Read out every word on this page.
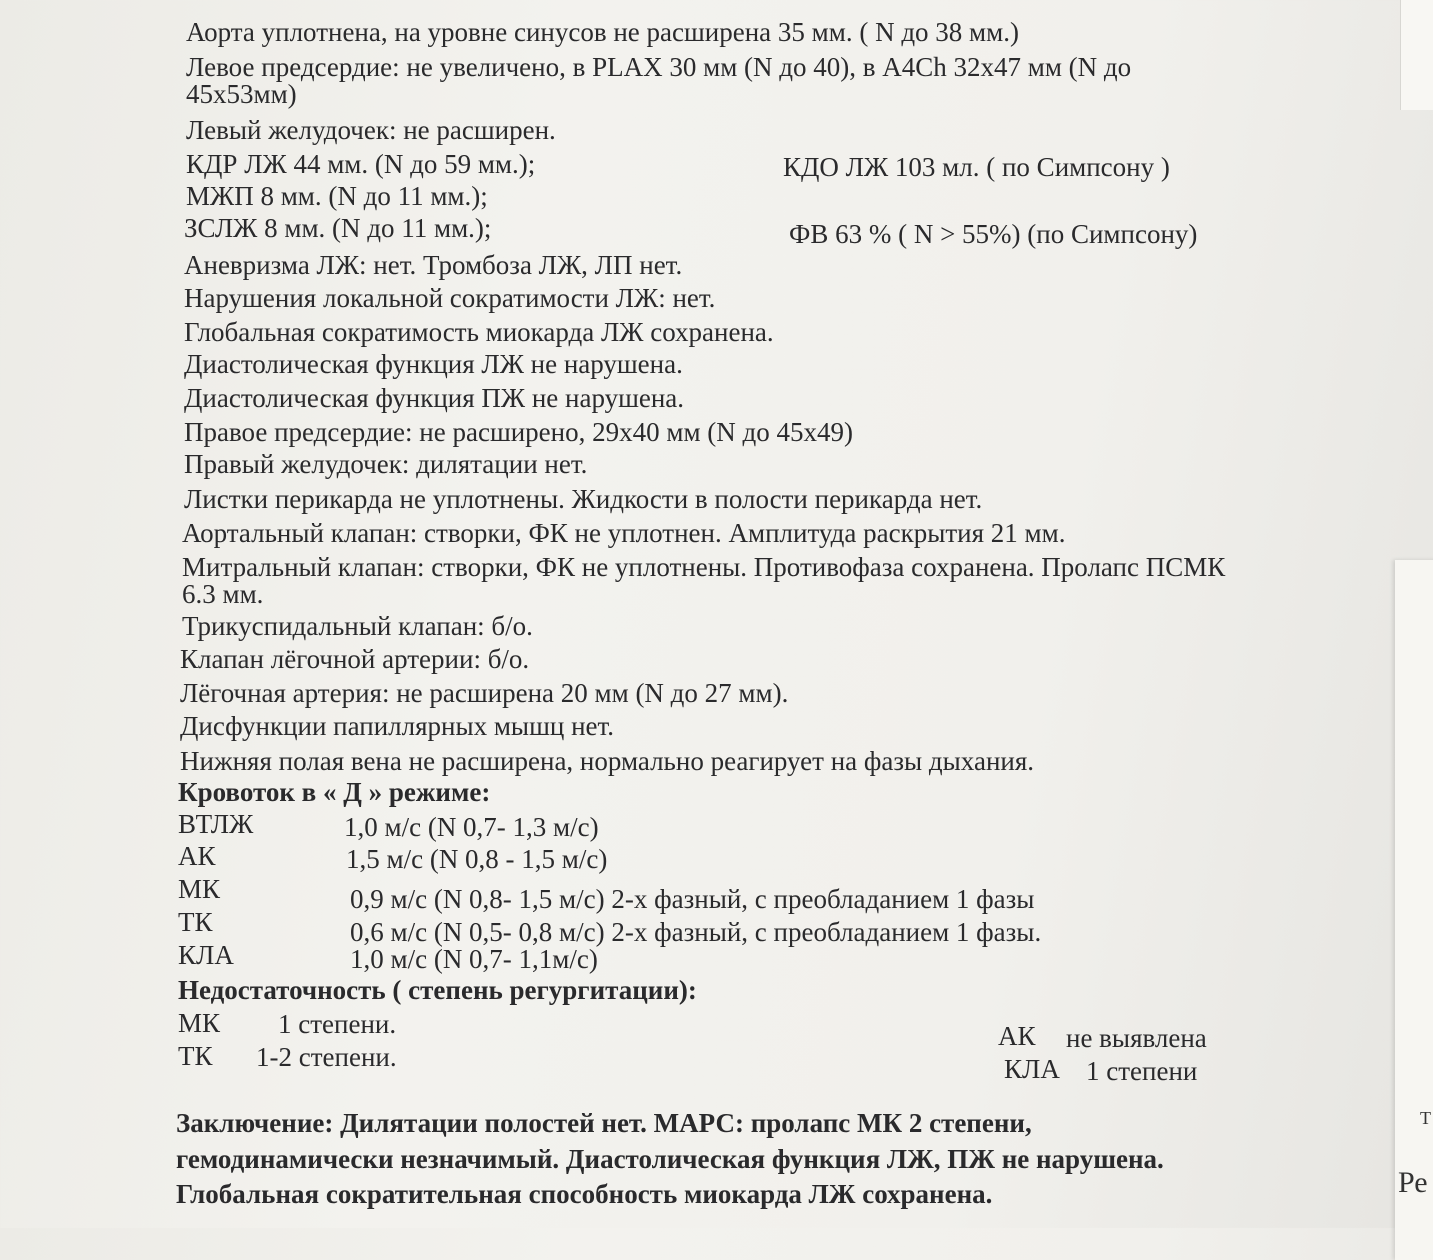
Т
Ре
Аорта уплотнена, на уровне синусов не расширена 35 мм. ( N до 38 мм.)
Левое предсердие: не увеличено, в PLAX 30 мм (N до 40), в A4Ch 32х47 мм (N до
45х53мм)
Левый желудочек: не расширен.
КДР ЛЖ 44 мм. (N до 59 мм.);	КДО ЛЖ 103 мл. ( по Симпсону )
МЖП 8 мм. (N до 11 мм.);
ЗСЛЖ 8 мм. (N до 11 мм.);	ФВ 63 % ( N > 55%) (по Симпсону)
Аневризма ЛЖ: нет. Тромбоза ЛЖ, ЛП нет.
Нарушения локальной сократимости ЛЖ: нет.
Глобальная сократимость миокарда ЛЖ сохранена.
Диастолическая функция ЛЖ не нарушена.
Диастолическая функция ПЖ не нарушена.
Правое предсердие: не расширено, 29х40 мм (N до 45х49)
Правый желудочек: дилятации нет.
Листки перикарда не уплотнены. Жидкости в полости перикарда нет.
Аортальный клапан: створки, ФК не уплотнен. Амплитуда раскрытия 21 мм.
Митральный клапан: створки, ФК не уплотнены. Противофаза сохранена. Пролапс ПСМК
6.3 мм.
Трикуспидальный клапан: б/о.
Клапан лёгочной артерии: б/о.
Лёгочная артерия: не расширена 20 мм (N до 27 мм).
Дисфункции папиллярных мышц нет.
Нижняя полая вена не расширена, нормально реагирует на фазы дыхания.
Кровоток в « Д » режиме:
ВТЛЖ	1,0 м/с (N 0,7- 1,3 м/с)
АК	1,5 м/с (N 0,8 - 1,5 м/с)
МК	0,9 м/с (N 0,8- 1,5 м/с) 2-х фазный, с преобладанием 1 фазы
ТК	0,6 м/с (N 0,5- 0,8 м/с) 2-х фазный, с преобладанием 1 фазы.
КЛА	1,0 м/с (N 0,7- 1,1м/с)
Недостаточность ( степень регургитации):
МК 1 степени.
ТК 1-2 степени.
АК не выявлена
КЛА 1 степени
Заключение: Дилятации полостей нет. МАРС: пролапс МК 2 степени,
гемодинамически незначимый. Диастолическая функция ЛЖ, ПЖ не нарушена.
Глобальная сократительная способность миокарда ЛЖ сохранена.
